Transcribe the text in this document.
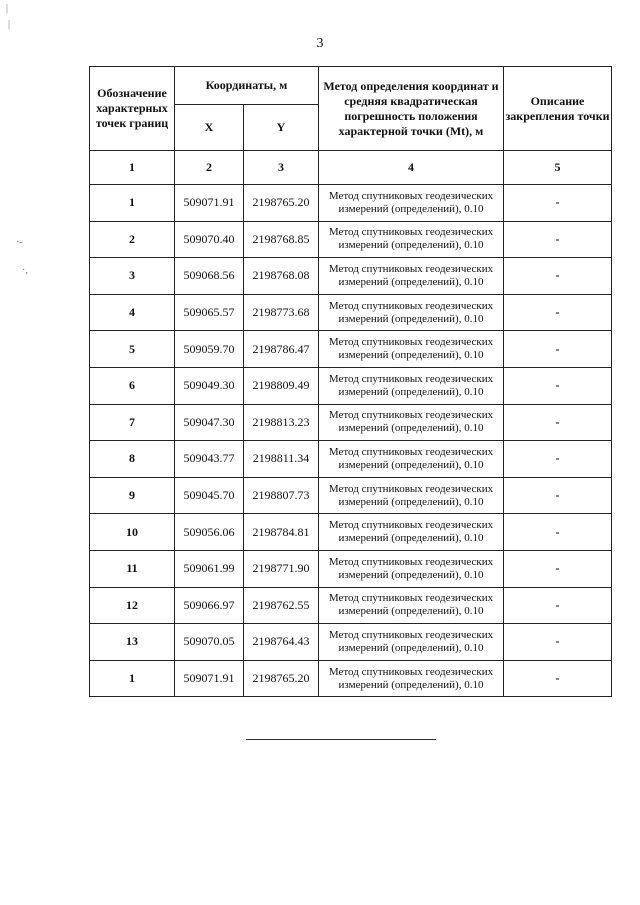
3
Обозначение характерных точек границ	Координаты, м		Метод определения координат и средняя квадратическая погрешность положения характерной точки (Mt), м	Описание закрепления точки
	X	Y		
1	2	3	4	5
1	509071.91	2198765.20	Метод спутниковых геодезических измерений (определений), 0.10	-
2	509070.40	2198768.85	Метод спутниковых геодезических измерений (определений), 0.10	-
3	509068.56	2198768.08	Метод спутниковых геодезических измерений (определений), 0.10	-
4	509065.57	2198773.68	Метод спутниковых геодезических измерений (определений), 0.10	-
5	509059.70	2198786.47	Метод спутниковых геодезических измерений (определений), 0.10	-
6	509049.30	2198809.49	Метод спутниковых геодезических измерений (определений), 0.10	-
7	509047.30	2198813.23	Метод спутниковых геодезических измерений (определений), 0.10	-
8	509043.77	2198811.34	Метод спутниковых геодезических измерений (определений), 0.10	-
9	509045.70	2198807.73	Метод спутниковых геодезических измерений (определений), 0.10	-
10	509056.06	2198784.81	Метод спутниковых геодезических измерений (определений), 0.10	-
11	509061.99	2198771.90	Метод спутниковых геодезических измерений (определений), 0.10	-
12	509066.97	2198762.55	Метод спутниковых геодезических измерений (определений), 0.10	-
13	509070.05	2198764.43	Метод спутниковых геодезических измерений (определений), 0.10	-
1	509071.91	2198765.20	Метод спутниковых геодезических измерений (определений), 0.10	-
|
|
·-
·,
